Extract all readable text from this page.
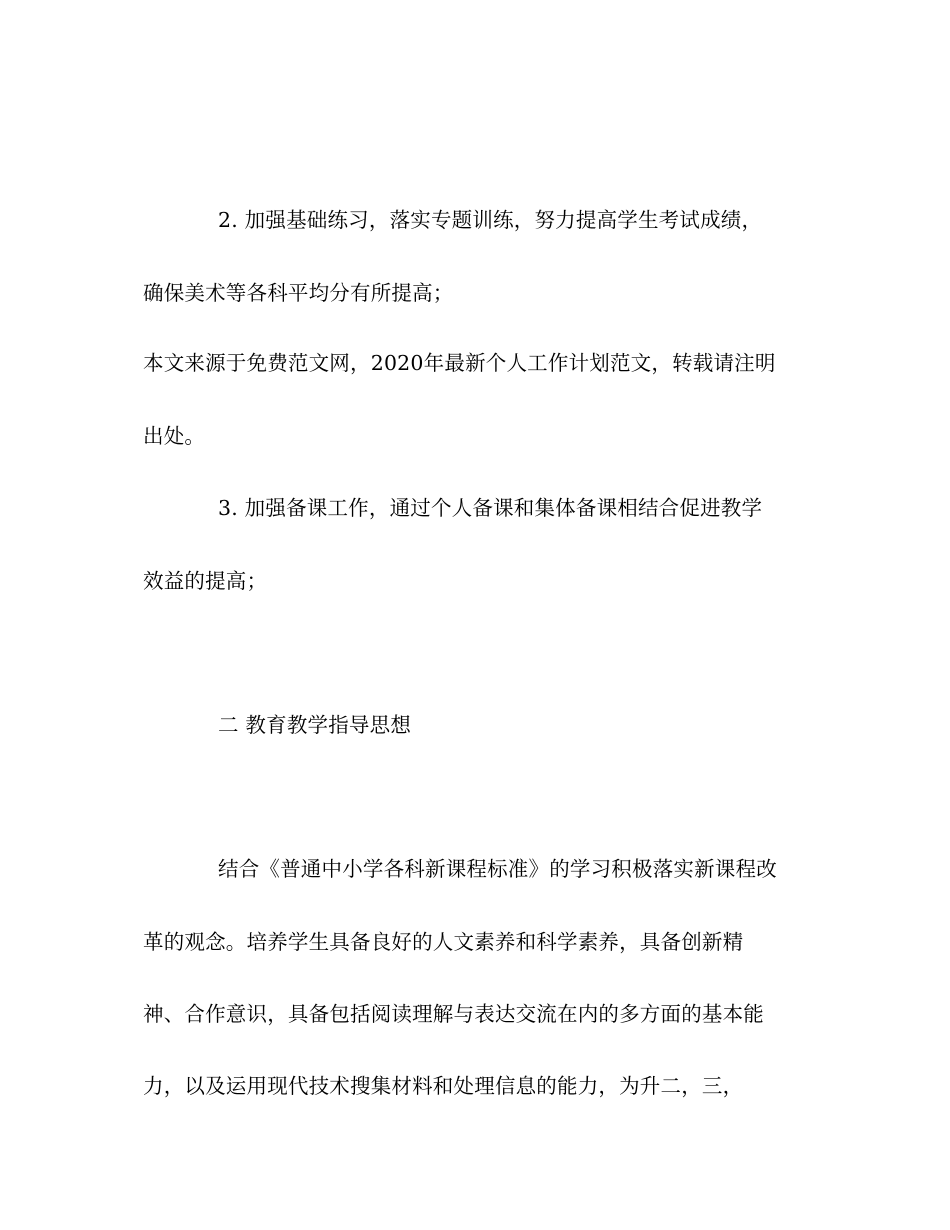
2. 加强基础练习，落实专题训练，努力提高学生考试成绩，
确保美术等各科平均分有所提高；
本文来源于免费范文网，2020年最新个人工作计划范文，转载请注明
出处。
3. 加强备课工作，通过个人备课和集体备课相结合促进教学
效益的提高；
二 教育教学指导思想
结合《普通中小学各科新课程标准》的学习积极落实新课程改
革的观念。培养学生具备良好的人文素养和科学素养，具备创新精
神、合作意识，具备包括阅读理解与表达交流在内的多方面的基本能
力，以及运用现代技术搜集材料和处理信息的能力，为升二，三，
